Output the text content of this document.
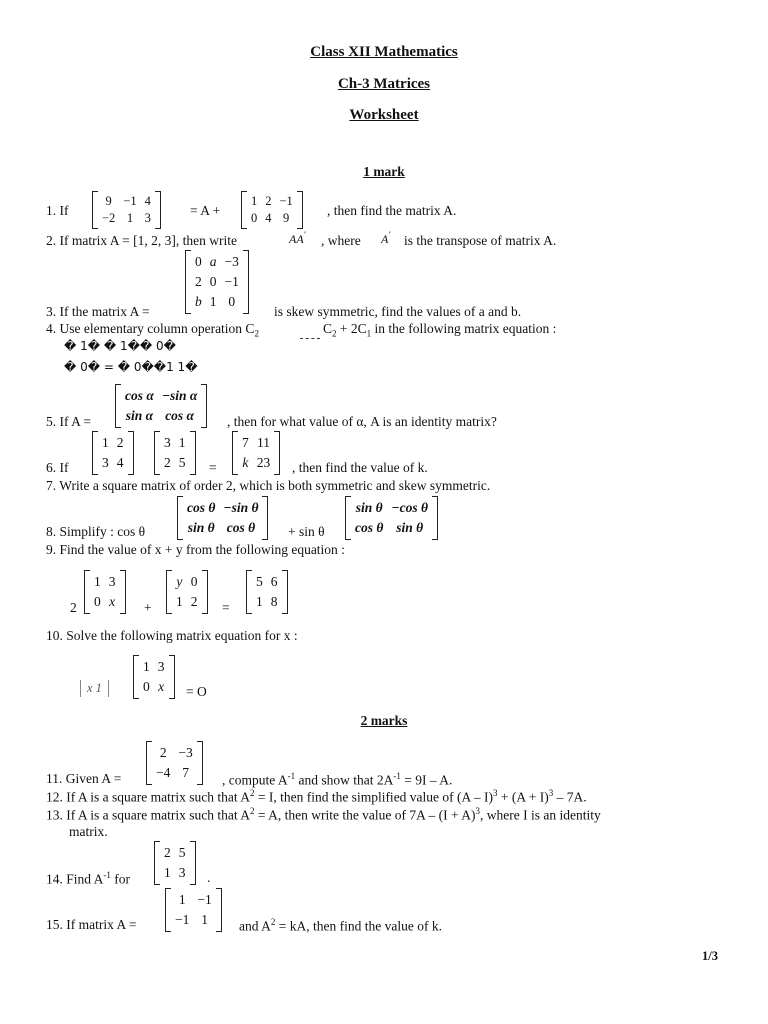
Class XII Mathematics
Ch-3 Matrices
Worksheet
1 mark
1. If
9	−1	4
−2	1	3	= A +
1	2	−1
0	4	9	, then find the matrix A.
2. If matrix A = [1, 2, 3], then write	AA′ , where A′ is the transpose of matrix A.
0	a	−3
2	0	−1
b	1	0
3. If the matrix A =	is skew symmetric, find the values of a and b.
4. Use elementary column operation $C_2$	$C_2 + 2C_1$ in the following matrix equation :
� 1� � 1�� 0�
� 0� = � 0��1 1�
cos α	−sin α
sin α	cos α
5. If A =	, then for what value of α, A is an identity matrix?
1	2
3	4
3	1
2	5
7	11
k	23
6. If	=	, then find the value of k.
7. Write a square matrix of order 2, which is both symmetric and skew symmetric.
cos θ	−sin θ
sin θ	cos θ
sin θ	−cos θ
cos θ	sin θ
8. Simplify : cos θ	+ sin θ
9. Find the value of x + y from the following equation :
2
1	3
0	x +
y	0
1	2 =
5	6
1	8
10. Solve the following matrix equation for x :
x 1
1	3
0	x = O
2 marks
2	−3
−4	7
11. Given A =	, compute $A^{-1}$ and show that $2A^{-1} = 9I - A$.
12. If A is a square matrix such that $A^2 = I$, then find the simplified value of $(A - I)^3 + (A + I)^3 - 7A$.
13. If A is a square matrix such that $A^2 = A$, then write the value of $7A - (I + A)^3$, where I is an identity
matrix.
2	5
1	3
14. Find $A^{-1}$ for	.
1	−1
−1	1
15. If matrix A =	and $A^2$ = kA, then find the value of k.
1/3
